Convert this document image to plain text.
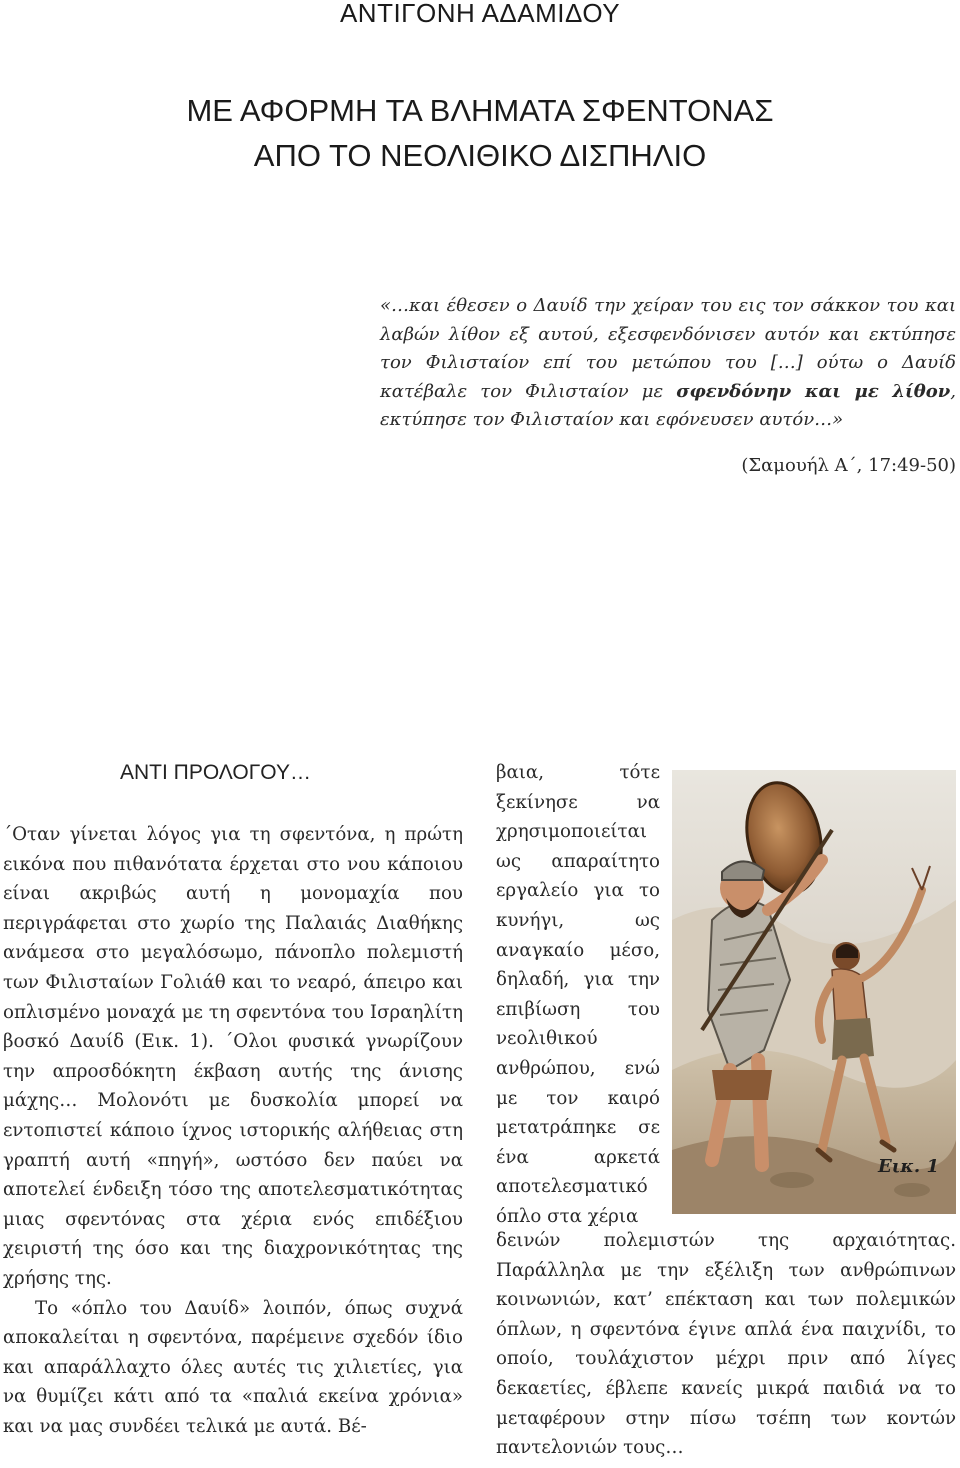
ΑΝΤΙΓΟΝΗ ΑΔΑΜΙΔΟΥ
ΜΕ ΑΦΟΡΜΗ ΤΑ ΒΛΗΜΑΤΑ ΣΦΕΝΤΟΝΑΣ
ΑΠΟ ΤΟ ΝΕΟΛΙΘΙΚΟ ΔΙΣΠΗΛΙΟ
«…και έθεσεν ο Δαυίδ την χείραν του εις τον σάκκον του και λαβών λίθον εξ αυτού, εξεσφενδόνισεν αυτόν και εκτύπησε τον Φιλισταίον επί του μετώπου του […] ούτω ο Δαυίδ κατέβαλε τον Φιλισταίον με σφενδόνην και με λίθον, εκτύπησε τον Φιλισταίον και εφόνευσεν αυτόν…»
(Σαμουήλ Α΄, 17:49-50)
ΑΝΤΙ ΠΡΟΛΟΓΟΥ…

΄Οταν γίνεται λόγος για τη σφεντόνα, η πρώτη εικόνα που πιθανότατα έρχεται στο νου κάποιου είναι ακριβώς αυτή η μονομαχία που περιγράφεται στο χωρίο της Παλαιάς Διαθήκης ανάμεσα στο μεγαλόσωμο, πάνοπλο πολεμιστή των Φιλισταίων Γολιάθ και το νεαρό, άπειρο και οπλισμένο μοναχά με τη σφεντόνα του Ισραηλίτη βοσκό Δαυίδ (Εικ. 1). ΄Ολοι φυσικά γνωρίζουν την απροσδόκητη έκβαση αυτής της άνισης μάχης… Μολονότι με δυσκολία μπορεί να εντοπιστεί κάποιο ίχνος ιστορικής αλήθειας στη γραπτή αυτή «πηγή», ωστόσο δεν παύει να αποτελεί ένδειξη τόσο της αποτελεσματικότητας μιας σφεντόνας στα χέρια ενός επιδέξιου χειριστή της όσο και της διαχρονικότητας της χρήσης της.

Το «όπλο του Δαυίδ» λοιπόν, όπως συχνά αποκαλείται η σφεντόνα, παρέμεινε σχεδόν ίδιο και απαράλλαχτο όλες αυτές τις χιλιετίες, για να θυμίζει κάτι από τα «παλιά εκείνα χρόνια» και να μας συνδέει τελικά με αυτά. Βέ-

βαια, τότε ξεκίνησε να χρησιμοποιείται ως απαραίτητο εργαλείο για το κυνήγι, ως αναγκαίο μέσο, δηλαδή, για την επιβίωση του νεολιθικού ανθρώπου, ενώ με τον καιρό μετατράπηκε σε ένα αρκετά αποτελεσματικό όπλο στα χέρια
Εικ. 1
δεινών πολεμιστών της αρχαιότητας. Παράλληλα με την εξέλιξη των ανθρώπινων κοινωνιών, κατ’ επέκταση και των πολεμικών όπλων, η σφεντόνα έγινε απλά ένα παιχνίδι, το οποίο, τουλάχιστον μέχρι πριν από λίγες δεκαετίες, έβλεπε κανείς μικρά παιδιά να το μεταφέρουν στην πίσω τσέπη των κοντών παντελονιών τους…
